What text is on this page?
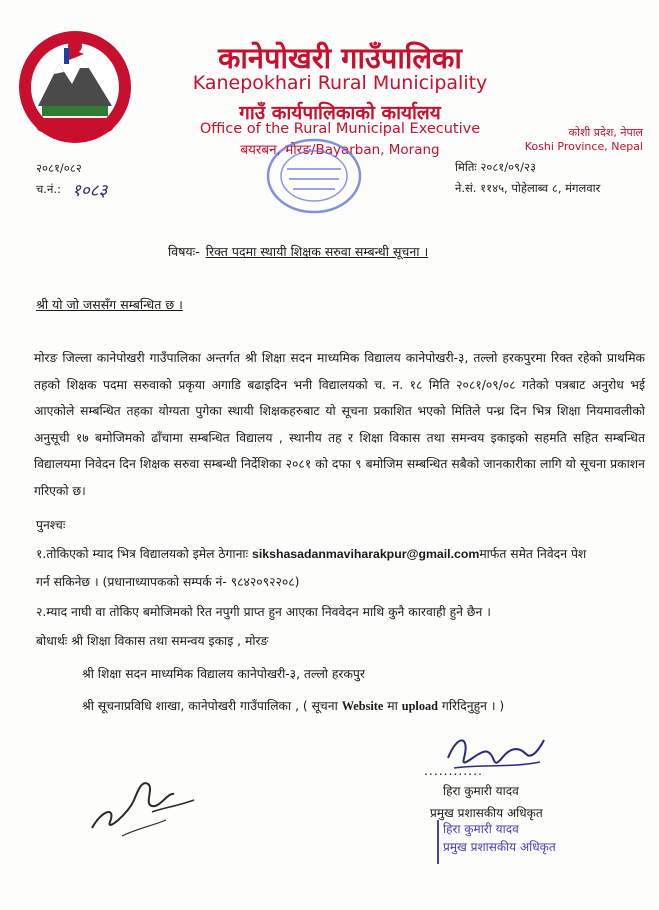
कानेपोखरी गाउँपालिका
Kanepokhari Rural Municipality
गाउँ कार्यपालिकाको कार्यालय
Office of the Rural Municipal Executive
बयरबन, मोरङ/Bayarban, Morang
कोशी प्रदेश, नेपाल
Koshi Province, Nepal
२०८१/०८२
च.नं.: १०८३
मितिः २०८१/०९/२३
ने.सं. ११४५, पोहेलाब्व ८, मंगलवार
विषयः- रिक्त पदमा स्थायी शिक्षक सरुवा सम्बन्धी सूचना ।
श्री यो जो जससँग सम्बन्धित छ ।
मोरङ जिल्ला कानेपोखरी गाउँपालिका अन्तर्गत श्री शिक्षा सदन माध्यमिक विद्यालय कानेपोखरी-३, तल्लो हरकपुरमा रिक्त रहेको प्राथमिक तहको शिक्षक पदमा सरुवाको प्रकृया अगाडि बढाइदिन भनी विद्यालयको च. न. १८ मिति २०८१/०९/०८ गतेको पत्रबाट अनुरोध भई आएकोले सम्बन्धित तहका योग्यता पुगेका स्थायी शिक्षकहरुबाट यो सूचना प्रकाशित भएको मितिले पन्ध्र दिन भित्र शिक्षा नियमावलीको अनुसूची १७ बमोजिमको ढाँचामा सम्बन्धित विद्यालय , स्थानीय तह र शिक्षा विकास तथा समन्वय इकाइको सहमति सहित सम्बन्धित विद्यालयमा निवेदन दिन शिक्षक सरुवा सम्बन्धी निर्देशिका २०८१ को दफा ९ बमोजिम सम्बन्धित सबैको जानकारीका लागि यो सूचना प्रकाशन गरिएको छ।
पुनश्चः
१.तोकिएको म्याद भित्र विद्यालयको इमेल ठेगानाः sikshasadanmaviharakpur@gmail.comमार्फत समेत निवेदन पेश
गर्न सकिनेछ । (प्रधानाध्यापकको सम्पर्क नं- ९८४२०९२२०८)
२.म्याद नाघी वा तोकिए बमोजिमको रित नपुगी प्राप्त हुन आएका निववेदन माथि कुनै कारवाही हुने छैन ।
बोधार्थः श्री शिक्षा विकास तथा समन्वय इकाइ , मोरङ
श्री शिक्षा सदन माध्यमिक विद्यालय कानेपोखरी-३, तल्लो हरकपुर
श्री सूचनाप्रविधि शाखा, कानेपोखरी गाउँपालिका , ( सूचना Website मा upload गरिदिनुहुन । )
............
हिरा कुमारी यादव
प्रमुख प्रशासकीय अधिकृत
हिरा कुमारी यादव
प्रमुख प्रशासकीय अधिकृत
